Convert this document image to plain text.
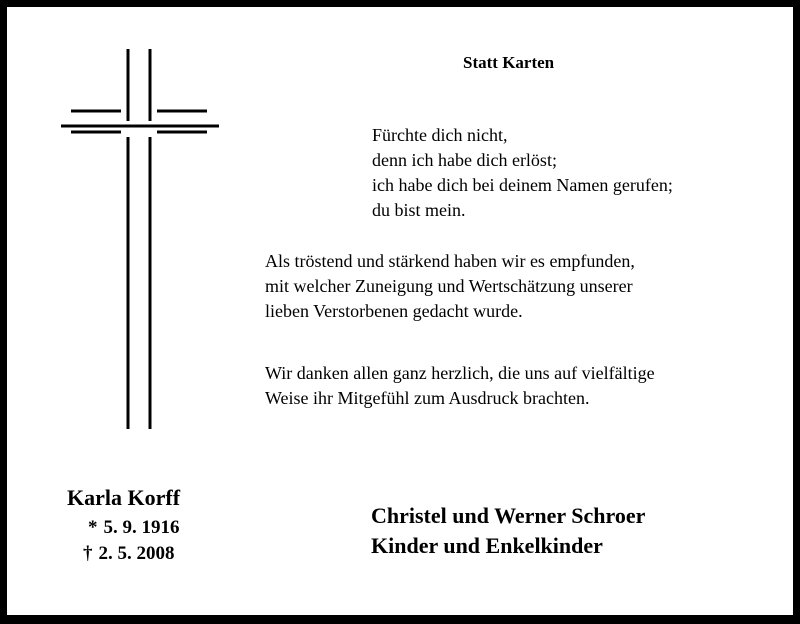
Statt Karten
Fürchte dich nicht,
denn ich habe dich erlöst;
ich habe dich bei deinem Namen gerufen;
du bist mein.
Als tröstend und stärkend haben wir es empfunden,
mit welcher Zuneigung und Wertschätzung unserer
lieben Verstorbenen gedacht wurde.
Wir danken allen ganz herzlich, die uns auf vielfältige
Weise ihr Mitgefühl zum Ausdruck brachten.
Karla Korff
* 5. 9. 1916
† 2. 5. 2008
Christel und Werner Schroer
Kinder und Enkelkinder
